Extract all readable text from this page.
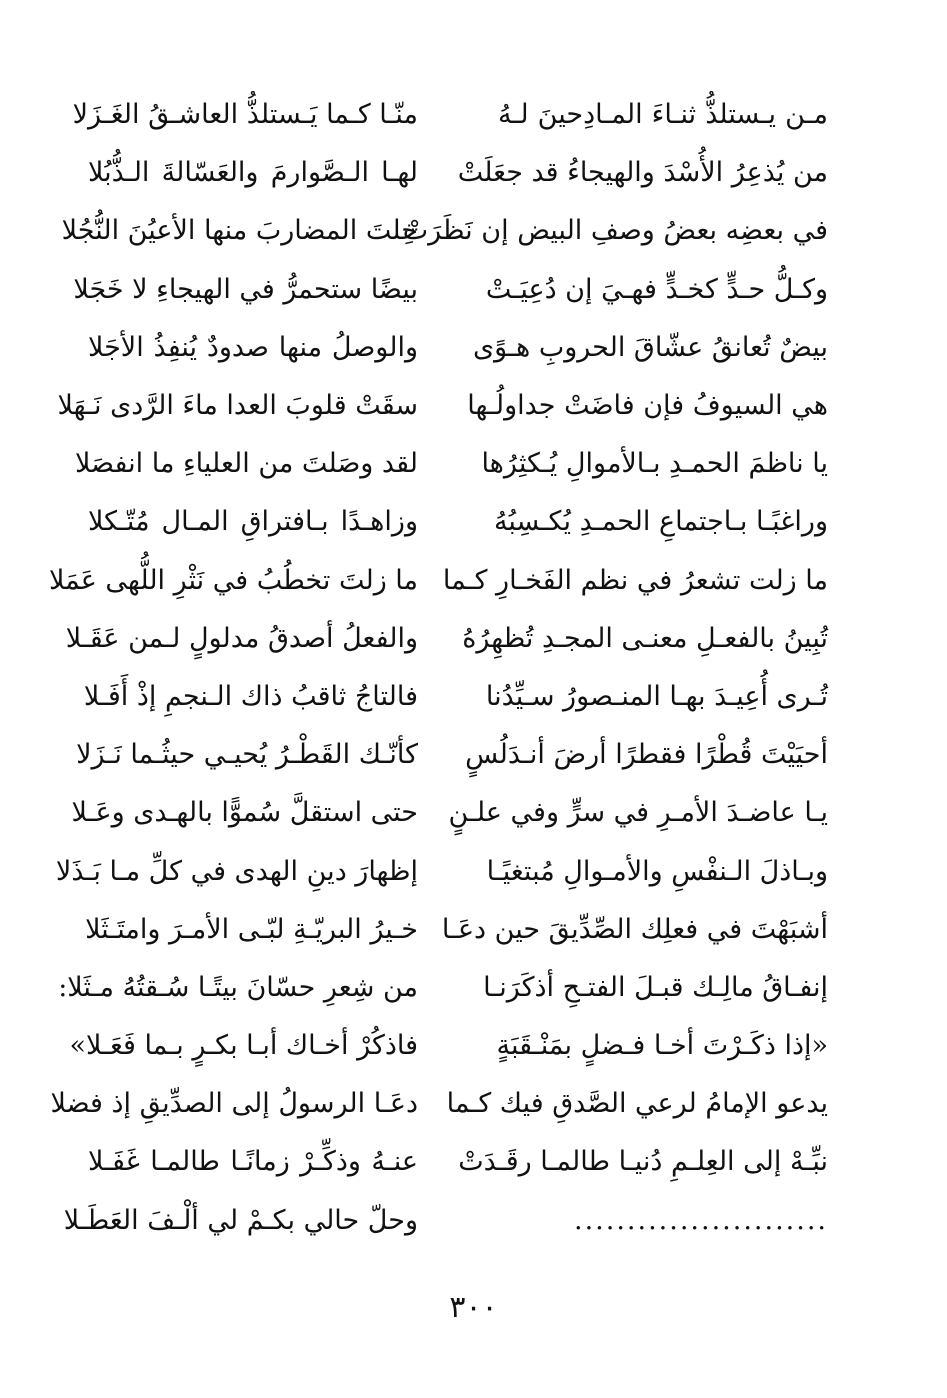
مـن يـستلذُّ ثنـاءَ المـادِحينَ لـهُ
منّـا كـما يَـستلذُّ العاشـقُ الغَـزَلا
من يُذعِرُ الأُسْدَ والهيجاءُ قد جعَلَتْ
لهـا الـصَّوارمَ والعَسّالةَ الـذُّبُلا
في بعضِه بعضُ وصفِ البيض إن نَظَرَتْ
خِلتَ المضاربَ منها الأعيُنَ النُّجُلا
وكـلُّ حـدٍّ كخـدٍّ فهـيَ إن دُعِيَـتْ
بيضًا ستحمرُّ في الهيجاءِ لا خَجَلا
بيضٌ تُعانقُ عشّاقَ الحروبِ هـوًى
والوصلُ منها صدودٌ يُنفِذُ الأجَلا
هي السيوفُ فإن فاضَتْ جداولُـها
سقَتْ قلوبَ العدا ماءَ الرَّدى نَـهَلا
يا ناظمَ الحمـدِ بـالأموالِ يُـكثِرُها
لقد وصَلتَ من العلياءِ ما انفصَلا
وراغبًـا بـاجتماعِ الحمـدِ يُكـسِبُهُ
وزاهـدًا بـافتراقِ المـال مُتّـكلا
ما زلت تشعرُ في نظم الفَخـارِ كـما
ما زلتَ تخطُبُ في نَثْرِ اللُّهى عَمَلا
تُبِينُ بالفعـلِ معنـى المجـدِ تُظهِرُهُ
والفعلُ أصدقُ مدلولٍ لـمن عَقَـلا
تُـرى أُعِيـدَ بهـا المنـصورُ سـيِّدُنا
فالتاجُ ثاقبُ ذاك الـنجمِ إذْ أَفَـلا
أحيَيْتَ قُطْرًا فقطرًا أرضَ أنـدَلُسٍ
كأنّـك القَطْـرُ يُحيـي حيثُـما نَـزَلا
يـا عاضـدَ الأمـرِ في سرٍّ وفي علـنٍ
حتى استقلَّ سُموًّا بالهـدى وعَـلا
وبـاذلَ الـنفْسِ والأمـوالِ مُبتغيًـا
إظهارَ دينِ الهدى في كلِّ مـا بَـذَلا
أشبَهْتَ في فعلِك الصِّدِّيقَ حين دعَـا
خـيرُ البريّـةِ لبّـى الأمـرَ وامتَـثَلا
إنفـاقُ مالِـك قبـلَ الفتـحِ أذكَرَنـا
من شِعرِ حسّانَ بيتًـا سُـقتُهُ مـثَلا:
«إذا ذكَـرْتَ أخـا فـضلٍ بمَنْـقَبَةٍ
فاذكُرْ أخـاك أبـا بكـرٍ بـما فَعَـلا»
يدعو الإمامُ لرعي الصَّدقِ فيك كـما
دعَـا الرسولُ إلى الصدِّيقِ إذ فضلا
نبِّـهْ إلى العِلـمِ دُنيـا طالمـا رقَـدَتْ
عنـهُ وذكِّـرْ زمانًـا طالمـا غَفَـلا
........................
وحلّ حالي بكـمْ لي ألْـفَ العَطَـلا
٣٠٠
